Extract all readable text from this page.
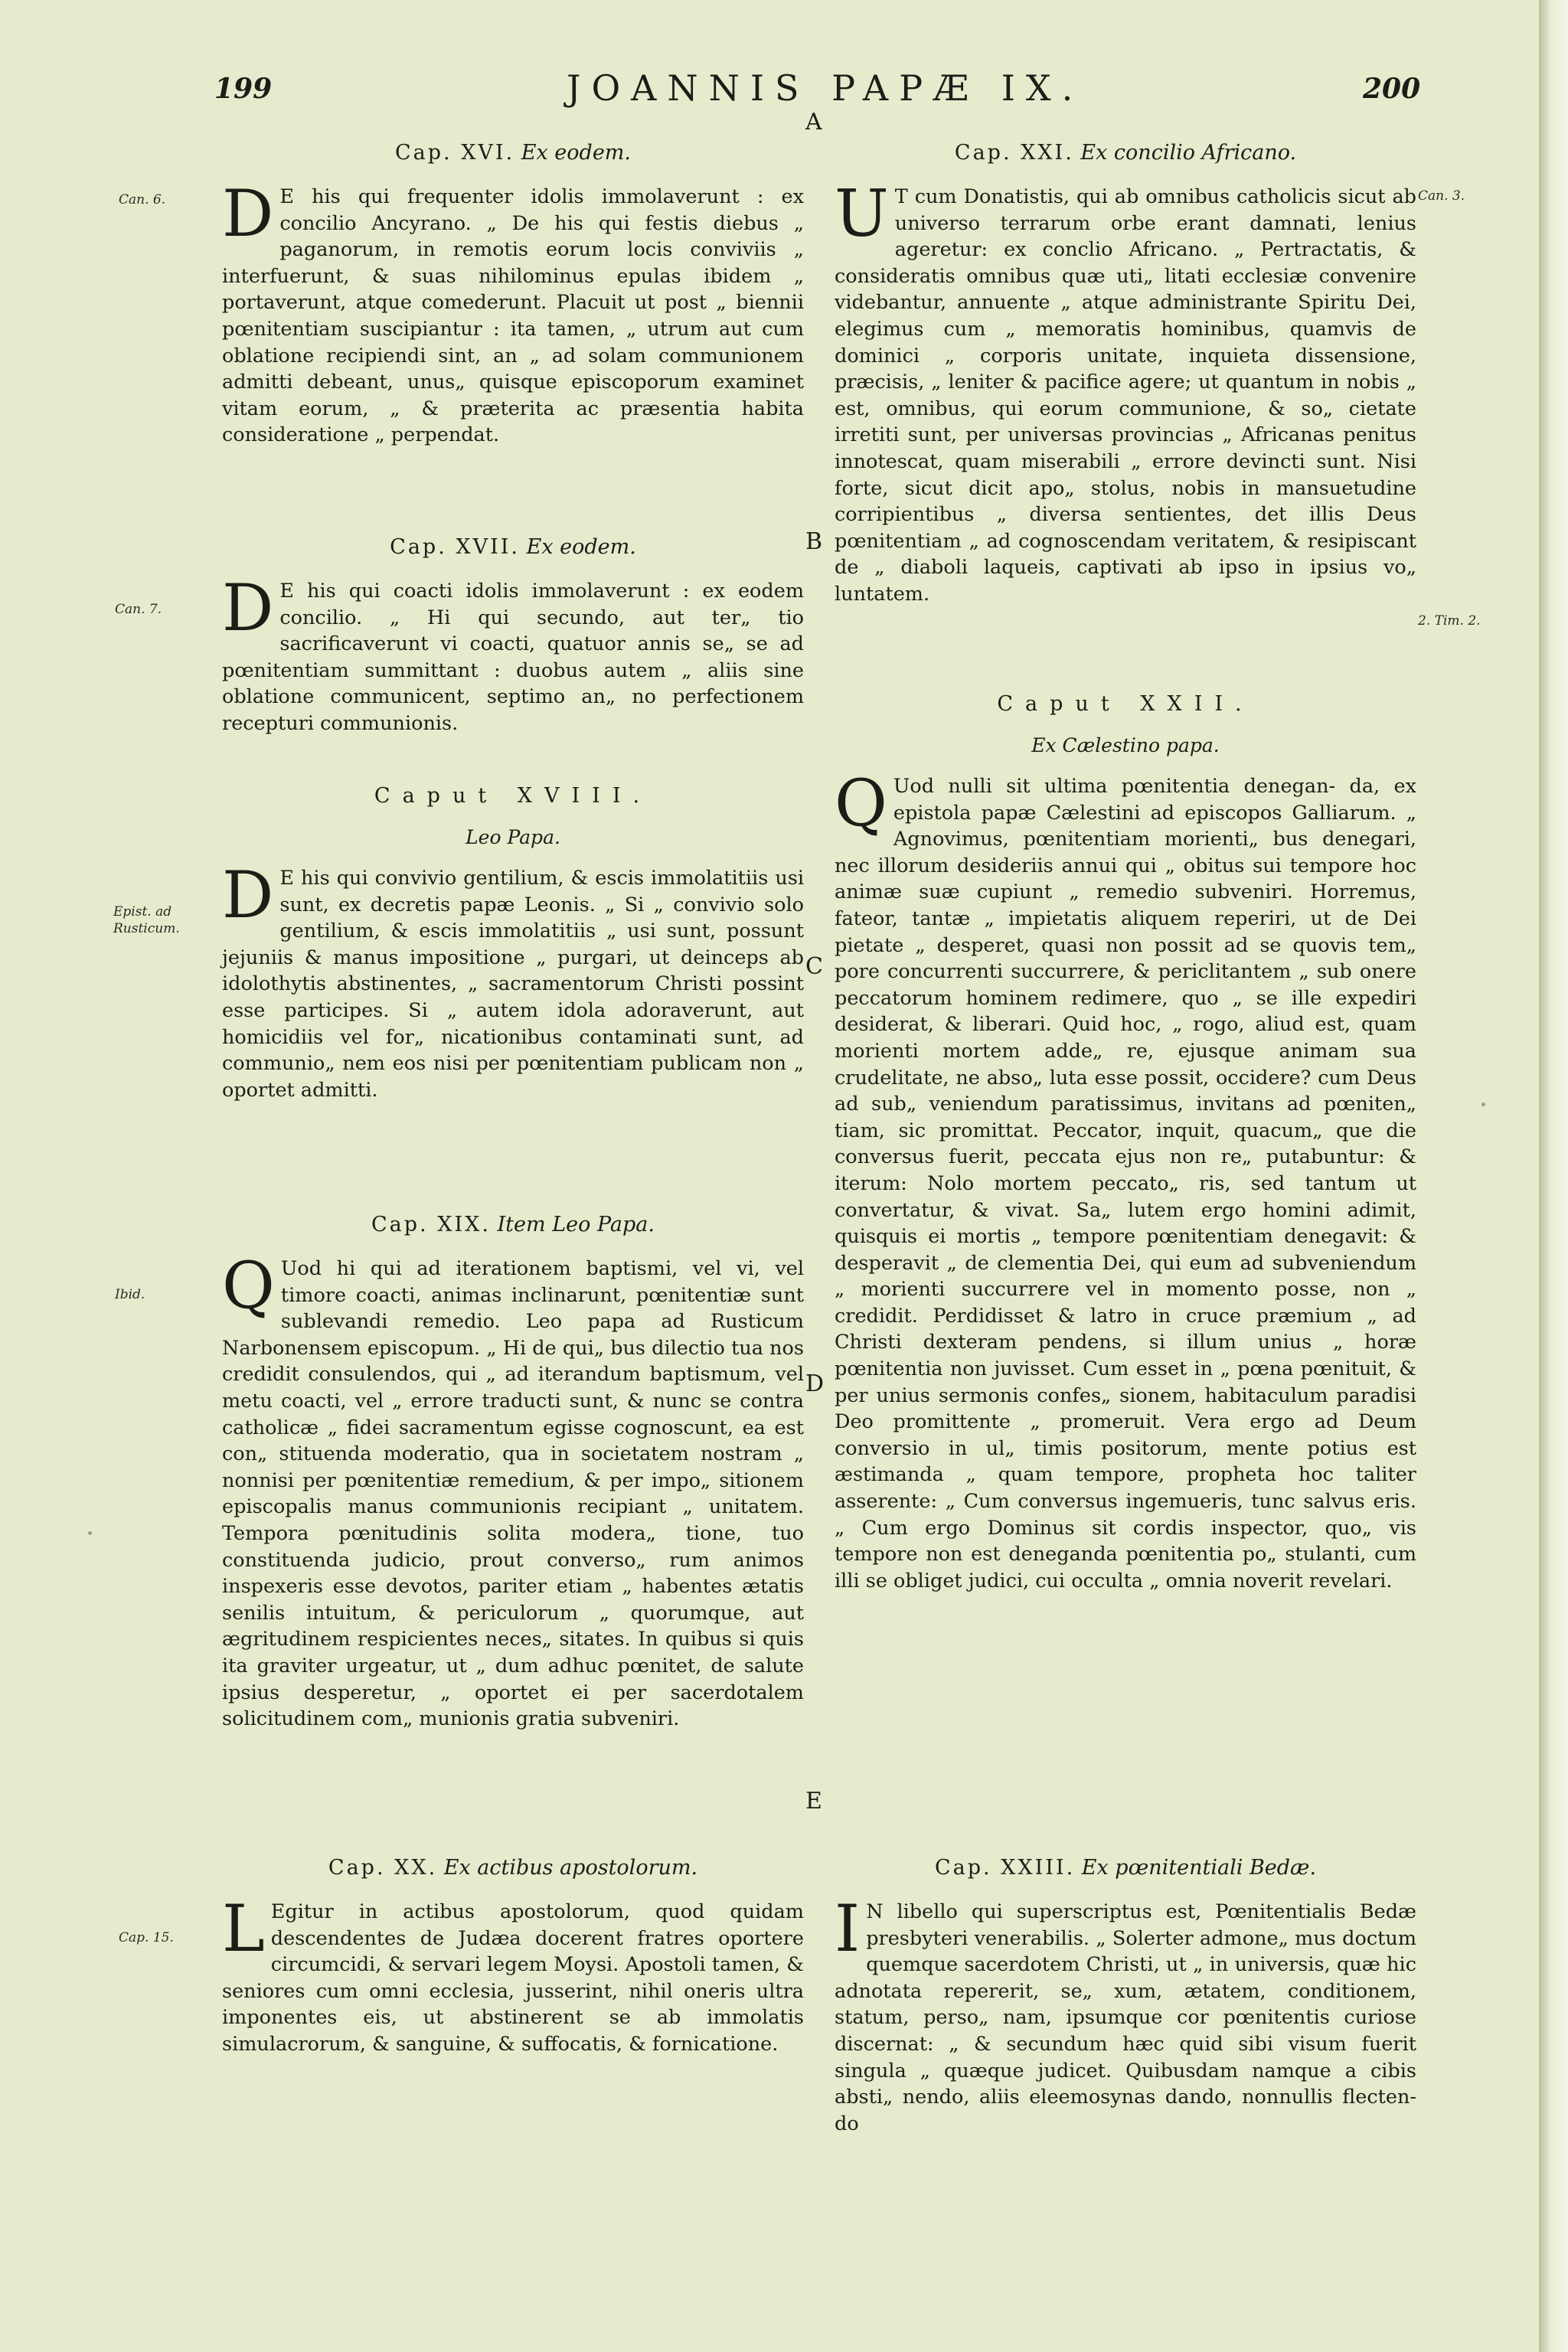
199	JOANNIS PAPÆ IX.	200
A
Cap. XVI. Ex eodem.
D E his qui frequenter idolis immolaverunt : ex concilio Ancyrano. „ De his qui festis diebus „ paganorum, in remotis eorum locis conviviis „ interfuerunt, & suas nihilominus epulas ibidem „ portaverunt, atque comederunt. Placuit ut post „ biennii pœnitentiam suscipiantur : ita tamen, „ utrum aut cum oblatione recipiendi sint, an „ ad solam communionem admitti debeant, unus„ quisque episcoporum examinet vitam eorum, „ & præterita ac præsentia habita consideratione „ perpendat.
Cap. XVII. Ex eodem.
D E his qui coacti idolis immolaverunt : ex eodem concilio. „ Hi qui secundo, aut ter„ tio sacrificaverunt vi coacti, quatuor annis se„ se ad pœnitentiam summittant : duobus autem „ aliis sine oblatione communicent, septimo an„ no perfectionem recepturi communionis.
Caput XVIII.
Leo Papa.
D E his qui convivio gentilium, & escis immolatitiis usi sunt, ex decretis papæ Leonis. „ Si „ convivio solo gentilium, & escis immolatitiis „ usi sunt, possunt jejuniis & manus impositione „ purgari, ut deinceps ab idolothytis abstinentes, „ sacramentorum Christi possint esse participes. Si „ autem idola adoraverunt, aut homicidiis vel for„ nicationibus contaminati sunt, ad communio„ nem eos nisi per pœnitentiam publicam non „ oportet admitti.
Cap. XIX. Item Leo Papa.
Q Uod hi qui ad iterationem baptismi, vel vi, vel timore coacti, animas inclinarunt, pœnitentiæ sunt sublevandi remedio. Leo papa ad Rusticum Narbonensem episcopum. „ Hi de qui„ bus dilectio tua nos credidit consulendos, qui „ ad iterandum baptismum, vel metu coacti, vel „ errore traducti sunt, & nunc se contra catholicæ „ fidei sacramentum egisse cognoscunt, ea est con„ stituenda moderatio, qua in societatem nostram „ nonnisi per pœnitentiæ remedium, & per impo„ sitionem episcopalis manus communionis recipiant „ unitatem. Tempora pœnitudinis solita modera„ tione, tuo constituenda judicio, prout converso„ rum animos inspexeris esse devotos, pariter etiam „ habentes ætatis senilis intuitum, & periculorum „ quorumque, aut ægritudinem respicientes neces„ sitates. In quibus si quis ita graviter urgeatur, ut „ dum adhuc pœnitet, de salute ipsius desperetur, „ oportet ei per sacerdotalem solicitudinem com„ munionis gratia subveniri.
Cap. XX. Ex actibus apostolorum.
L Egitur in actibus apostolorum, quod quidam descendentes de Judæa docerent fratres oportere circumcidi, & servari legem Moysi. Apostoli tamen, & seniores cum omni ecclesia, jusserint, nihil oneris ultra imponentes eis, ut abstinerent se ab immolatis simulacrorum, & sanguine, & suffocatis, & fornicatione.
Cap. XXI. Ex concilio Africano.
U T cum Donatistis, qui ab omnibus catholicis sicut ab universo terrarum orbe erant damnati, lenius ageretur: ex conclio Africano. „ Pertractatis, & consideratis omnibus quæ uti„ litati ecclesiæ convenire videbantur, annuente „ atque administrante Spiritu Dei, elegimus cum „ memoratis hominibus, quamvis de dominici „ corporis unitate, inquieta dissensione, præcisis, „ leniter & pacifice agere; ut quantum in nobis „ est, omnibus, qui eorum communione, & so„ cietate irretiti sunt, per universas provincias „ Africanas penitus innotescat, quam miserabili „ errore devincti sunt. Nisi forte, sicut dicit apo„ stolus, nobis in mansuetudine corripientibus „ diversa sentientes, det illis Deus pœnitentiam „ ad cognoscendam veritatem, & resipiscant de „ diaboli laqueis, captivati ab ipso in ipsius vo„ luntatem.
Caput XXII.
Ex Cælestino papa.
Q Uod nulli sit ultima pœnitentia denegan- da, ex epistola papæ Cælestini ad episcopos Galliarum. „ Agnovimus, pœnitentiam morienti„ bus denegari, nec illorum desideriis annui qui „ obitus sui tempore hoc animæ suæ cupiunt „ remedio subveniri. Horremus, fateor, tantæ „ impietatis aliquem reperiri, ut de Dei pietate „ desperet, quasi non possit ad se quovis tem„ pore concurrenti succurrere, & periclitantem „ sub onere peccatorum hominem redimere, quo „ se ille expediri desiderat, & liberari. Quid hoc, „ rogo, aliud est, quam morienti mortem adde„ re, ejusque animam sua crudelitate, ne abso„ luta esse possit, occidere? cum Deus ad sub„ veniendum paratissimus, invitans ad pœniten„ tiam, sic promittat. Peccator, inquit, quacum„ que die conversus fuerit, peccata ejus non re„ putabuntur: & iterum: Nolo mortem peccato„ ris, sed tantum ut convertatur, & vivat. Sa„ lutem ergo homini adimit, quisquis ei mortis „ tempore pœnitentiam denegavit: & desperavit „ de clementia Dei, qui eum ad subveniendum „ morienti succurrere vel in momento posse, non „ credidit. Perdidisset & latro in cruce præmium „ ad Christi dexteram pendens, si illum unius „ horæ pœnitentia non juvisset. Cum esset in „ pœna pœnituit, & per unius sermonis confes„ sionem, habitaculum paradisi Deo promittente „ promeruit. Vera ergo ad Deum conversio in ul„ timis positorum, mente potius est æstimanda „ quam tempore, propheta hoc taliter asserente: „ Cum conversus ingemueris, tunc salvus eris. „ Cum ergo Dominus sit cordis inspector, quo„ vis tempore non est deneganda pœnitentia po„ stulanti, cum illi se obliget judici, cui occulta „ omnia noverit revelari.
Cap. XXIII. Ex pœnitentiali Bedæ.
I N libello qui superscriptus est, Pœnitentialis Bedæ presbyteri venerabilis. „ Solerter admone„ mus doctum quemque sacerdotem Christi, ut „ in universis, quæ hic adnotata repererit, se„ xum, ætatem, conditionem, statum, perso„ nam, ipsumque cor pœnitentis curiose discernat: „ & secundum hæc quid sibi visum fuerit singula „ quæque judicet. Quibusdam namque a cibis absti„ nendo, aliis eleemosynas dando, nonnullis flecten- do
Can. 6.
Can. 7.
Epist. ad Rusticum.
Ibid.
Cap. 15.
Can. 3.
2. Tim. 2.
B
C
D
E
